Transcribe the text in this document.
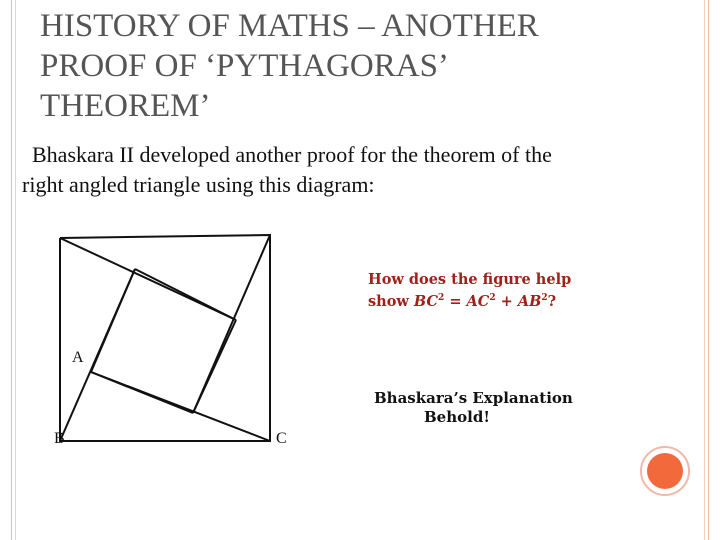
HISTORY OF MATHS – ANOTHER
PROOF OF ‘PYTHAGORAS’
THEOREM’
Bhaskara II developed another proof for the theorem of the
right angled triangle using this diagram:
A
B	C
How does the figure help show $BC^2 = AC^2 + AB^2$?
Bhaskara’s Explanation
Behold!
